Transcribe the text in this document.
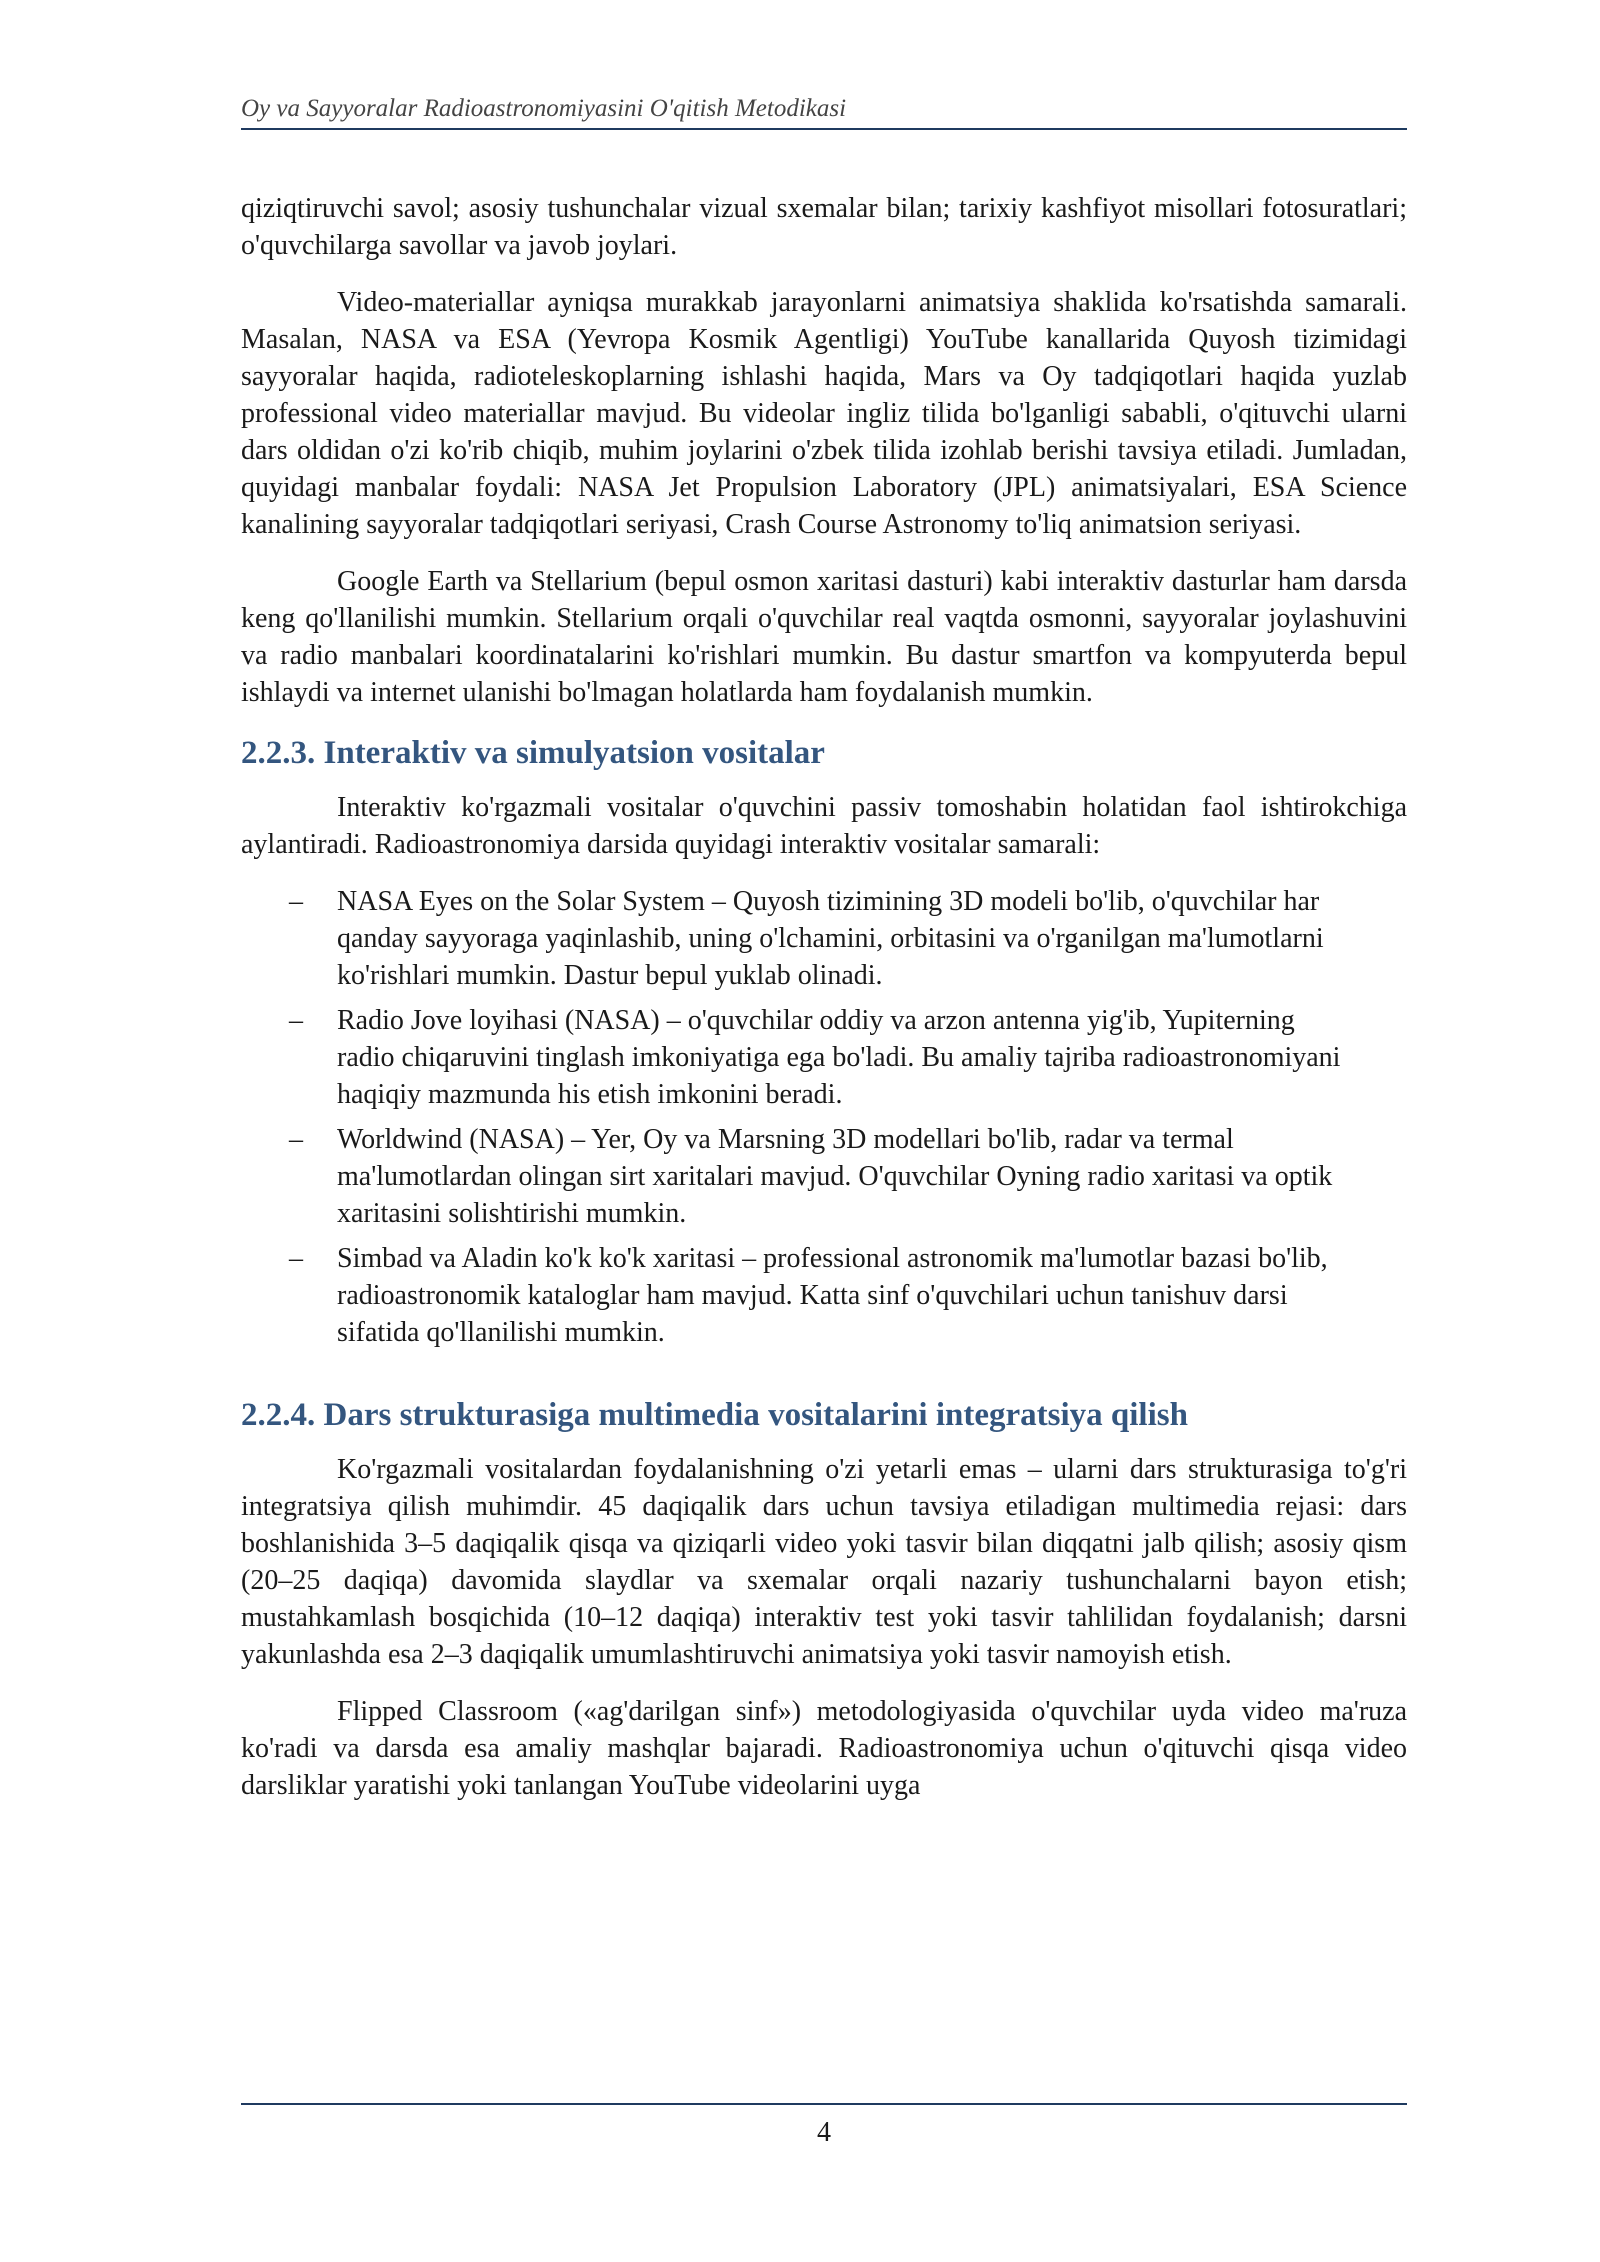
Oy va Sayyoralar Radioastronomiyasini O'qitish Metodikasi

qiziqtiruvchi savol; asosiy tushunchalar vizual sxemalar bilan; tarixiy kashfiyot misollari fotosuratlari; o'quvchilarga savollar va javob joylari.

Video-materiallar ayniqsa murakkab jarayonlarni animatsiya shaklida ko'rsatishda samarali. Masalan, NASA va ESA (Yevropa Kosmik Agentligi) YouTube kanallarida Quyosh tizimidagi sayyoralar haqida, radioteleskoplarning ishlashi haqida, Mars va Oy tadqiqotlari haqida yuzlab professional video materiallar mavjud. Bu videolar ingliz tilida bo'lganligi sababli, o'qituvchi ularni dars oldidan o'zi ko'rib chiqib, muhim joylarini o'zbek tilida izohlab berishi tavsiya etiladi. Jumladan, quyidagi manbalar foydali: NASA Jet Propulsion Laboratory (JPL) animatsiyalari, ESA Science kanalining sayyoralar tadqiqotlari seriyasi, Crash Course Astronomy to'liq animatsion seriyasi.

Google Earth va Stellarium (bepul osmon xaritasi dasturi) kabi interaktiv dasturlar ham darsda keng qo'llanilishi mumkin. Stellarium orqali o'quvchilar real vaqtda osmonni, sayyoralar joylashuvini va radio manbalari koordinatalarini ko'rishlari mumkin. Bu dastur smartfon va kompyuterda bepul ishlaydi va internet ulanishi bo'lmagan holatlarda ham foydalanish mumkin.

2.2.3. Interaktiv va simulyatsion vositalar

Interaktiv ko'rgazmali vositalar o'quvchini passiv tomoshabin holatidan faol ishtirokchiga aylantiradi. Radioastronomiya darsida quyidagi interaktiv vositalar samarali:

– NASA Eyes on the Solar System – Quyosh tizimining 3D modeli bo'lib, o'quvchilar har qanday sayyoraga yaqinlashib, uning o'lchamini, orbitasini va o'rganilgan ma'lumotlarni ko'rishlari mumkin. Dastur bepul yuklab olinadi.
– Radio Jove loyihasi (NASA) – o'quvchilar oddiy va arzon antenna yig'ib, Yupiterning radio chiqaruvini tinglash imkoniyatiga ega bo'ladi. Bu amaliy tajriba radioastronomiyani haqiqiy mazmunda his etish imkonini beradi.
– Worldwind (NASA) – Yer, Oy va Marsning 3D modellari bo'lib, radar va termal ma'lumotlardan olingan sirt xaritalari mavjud. O'quvchilar Oyning radio xaritasi va optik xaritasini solishtirishi mumkin.
– Simbad va Aladin ko'k ko'k xaritasi – professional astronomik ma'lumotlar bazasi bo'lib, radioastronomik kataloglar ham mavjud. Katta sinf o'quvchilari uchun tanishuv darsi sifatida qo'llanilishi mumkin.
2.2.4. Dars strukturasiga multimedia vositalarini integratsiya qilish

Ko'rgazmali vositalardan foydalanishning o'zi yetarli emas – ularni dars strukturasiga to'g'ri integratsiya qilish muhimdir. 45 daqiqalik dars uchun tavsiya etiladigan multimedia rejasi: dars boshlanishida 3–5 daqiqalik qisqa va qiziqarli video yoki tasvir bilan diqqatni jalb qilish; asosiy qism (20–25 daqiqa) davomida slaydlar va sxemalar orqali nazariy tushunchalarni bayon etish; mustahkamlash bosqichida (10–12 daqiqa) interaktiv test yoki tasvir tahlilidan foydalanish; darsni yakunlashda esa 2–3 daqiqalik umumlashtiruvchi animatsiya yoki tasvir namoyish etish.

Flipped Classroom («ag'darilgan sinf») metodologiyasida o'quvchilar uyda video ma'ruza ko'radi va darsda esa amaliy mashqlar bajaradi. Radioastronomiya uchun o'qituvchi qisqa video darsliklar yaratishi yoki tanlangan YouTube videolarini uyga

4
